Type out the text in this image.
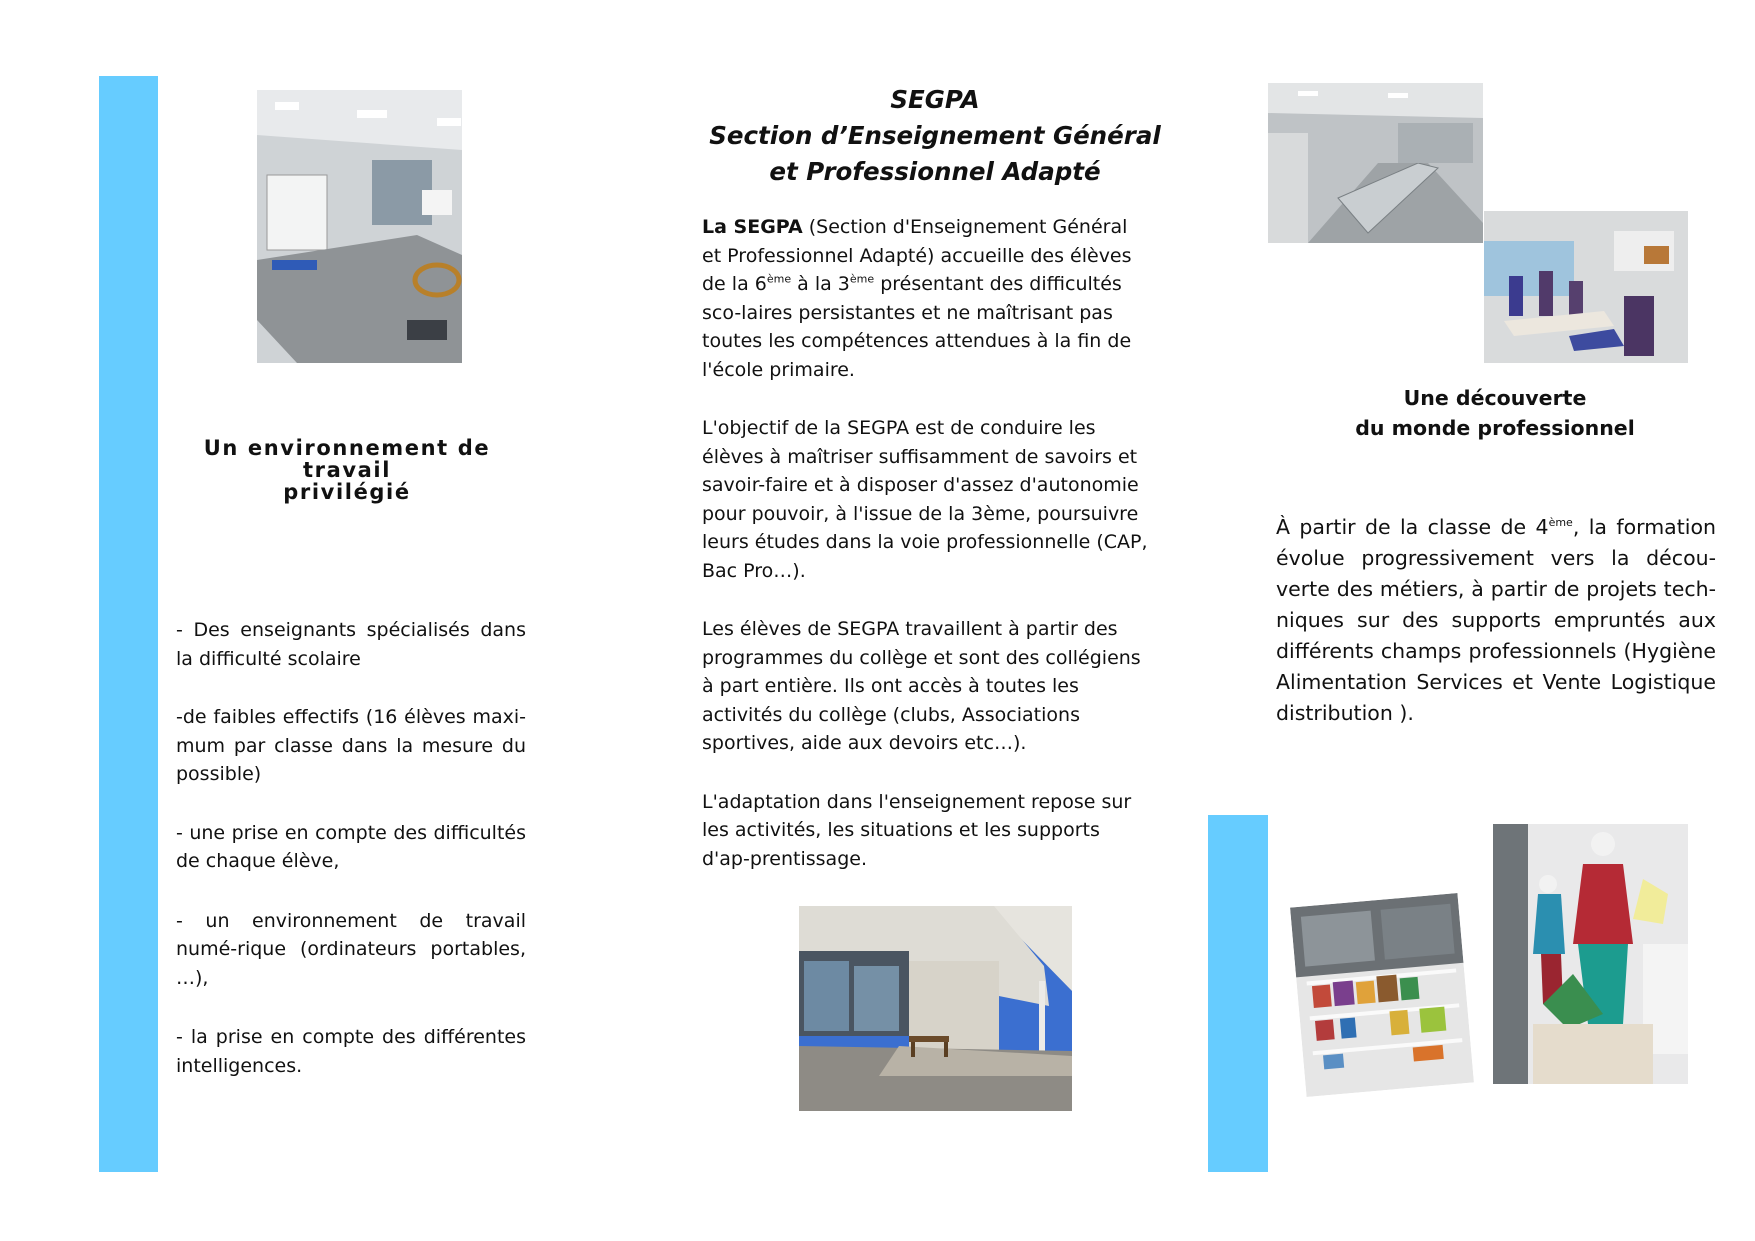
SEGPA
Section d’Enseignement Général
et Professionnel Adapté
Un environnement de travail
privilégié

- Des enseignants spécialisés dans la difficulté scolaire

-de faibles effectifs (16 élèves maxi-mum par classe dans la mesure du possible)

- une prise en compte des difficultés de chaque élève,

- un environnement de travail numé-rique (ordinateurs portables, …),

- la prise en compte des différentes intelligences.

La SEGPA (Section d'Enseignement Général et Professionnel Adapté) accueille des élèves de la 6ème à la 3ème présentant des difficultés sco-laires persistantes et ne maîtrisant pas toutes les compétences attendues à la fin de l'école primaire.

L'objectif de la SEGPA est de conduire les élèves à maîtriser suffisamment de savoirs et savoir-faire et à disposer d'assez d'autonomie pour pouvoir, à l'issue de la 3ème, poursuivre leurs études dans la voie professionnelle (CAP, Bac Pro…).

Les élèves de SEGPA travaillent à partir des programmes du collège et sont des collégiens à part entière. Ils ont accès à toutes les activités du collège (clubs, Associations sportives, aide aux devoirs etc…).

L'adaptation dans l'enseignement repose sur les activités, les situations et les supports d'ap-prentissage.

Une découverte
du monde professionnel

À partir de la classe de 4ème, la formation évolue progressivement vers la décou-verte des métiers, à partir de projets tech-niques sur des supports empruntés aux différents champs professionnels (Hygiène Alimentation Services et Vente Logistique distribution ).
